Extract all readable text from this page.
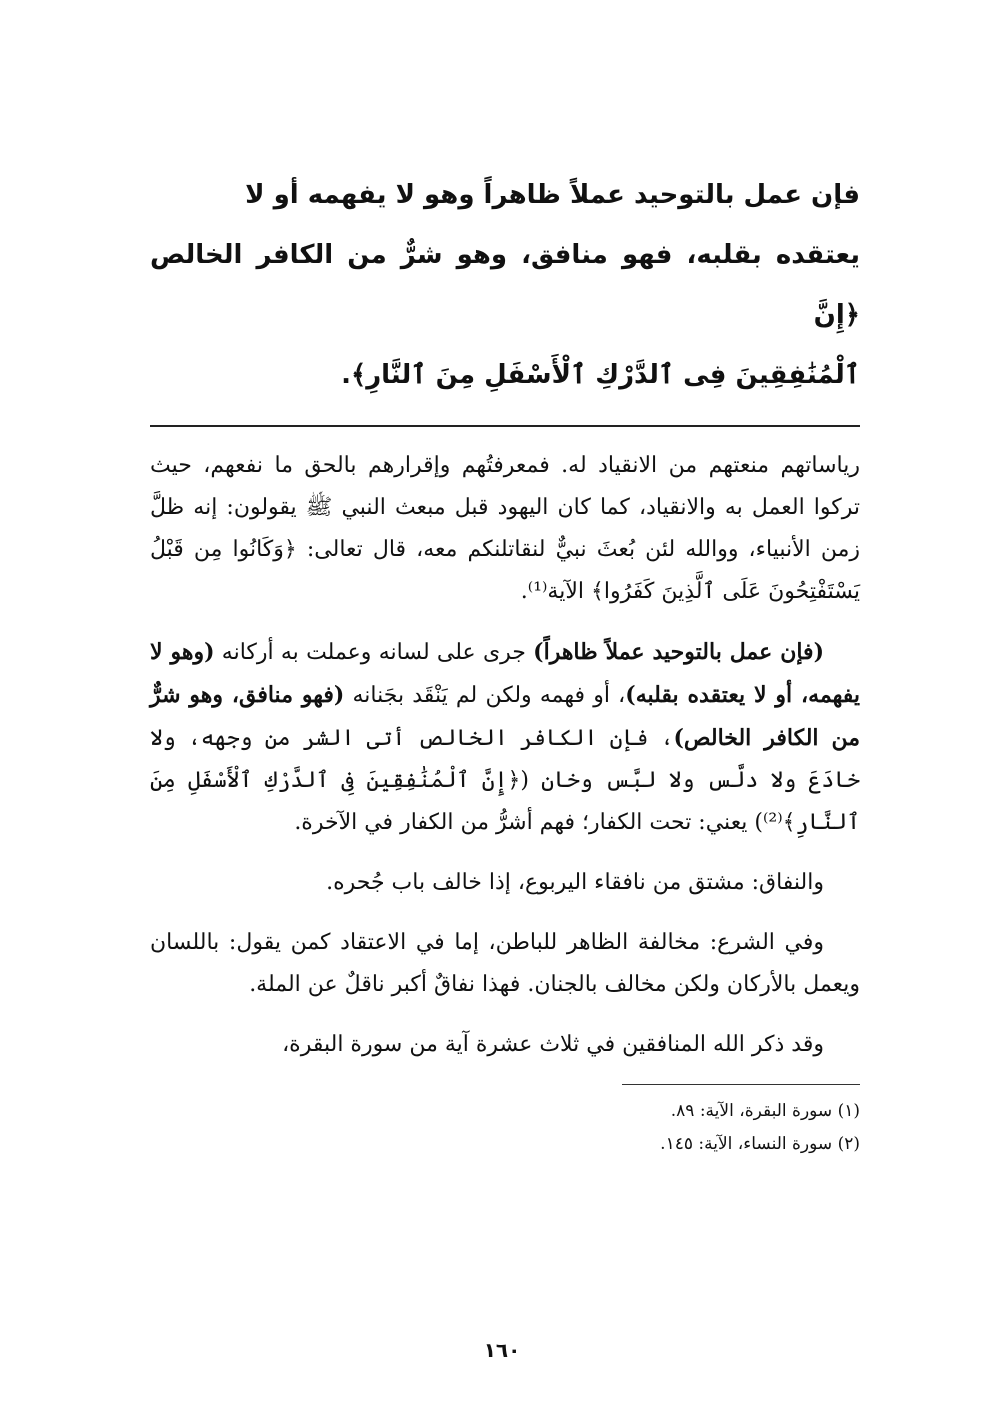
فإن عمل بالتوحيد عملاً ظاهراً وهو لا يفهمه أو لا
يعتقده بقلبه، فهو منافق، وهو شرٌّ من الكافر الخالص ﴿إِنَّ
ٱلْمُنَٰفِقِينَ فِى ٱلدَّرْكِ ٱلْأَسْفَلِ مِنَ ٱلنَّارِ﴾.

رياساتهم منعتهم من الانقياد له. فمعرفتُهم وإقرارهم بالحق ما نفعهم، حيث تركوا العمل به والانقياد، كما كان اليهود قبل مبعث النبي ﷺ يقولون: إنه ظلَّ زمن الأنبياء، ووالله لئن بُعثَ نبيٌّ لنقاتلنكم معه، قال تعالى: ﴿وَكَانُوا مِن قَبْلُ يَسْتَفْتِحُونَ عَلَى ٱلَّذِينَ كَفَرُوا﴾ الآية⁽¹⁾.

(فإن عمل بالتوحيد عملاً ظاهراً) جرى على لسانه وعملت به أركانه (وهو لا يفهمه، أو لا يعتقده بقلبه)، أو فهمه ولكن لم يَنْقَد بجَنانه (فهو منافق، وهو شرٌّ من الكافر الخالص)، فإن الكافر الخالص أتى الشر من وجهه، ولا خادَعَ ولا دلَّس ولا لبَّس وخان (﴿إِنَّ ٱلْمُنَٰفِقِينَ فِى ٱلدَّرْكِ ٱلْأَسْفَلِ مِنَ ٱلنَّارِ﴾⁽²⁾) يعني: تحت الكفار؛ فهم أشرُّ من الكفار في الآخرة.

والنفاق: مشتق من نافقاء اليربوع، إذا خالف باب جُحره.

وفي الشرع: مخالفة الظاهر للباطن، إما في الاعتقاد كمن يقول: باللسان ويعمل بالأركان ولكن مخالف بالجنان. فهذا نفاقٌ أكبر ناقلٌ عن الملة.

وقد ذكر الله المنافقين في ثلاث عشرة آية من سورة البقرة،

(١) سورة البقرة، الآية: ٨٩.
(٢) سورة النساء، الآية: ١٤٥.
١٦٠
